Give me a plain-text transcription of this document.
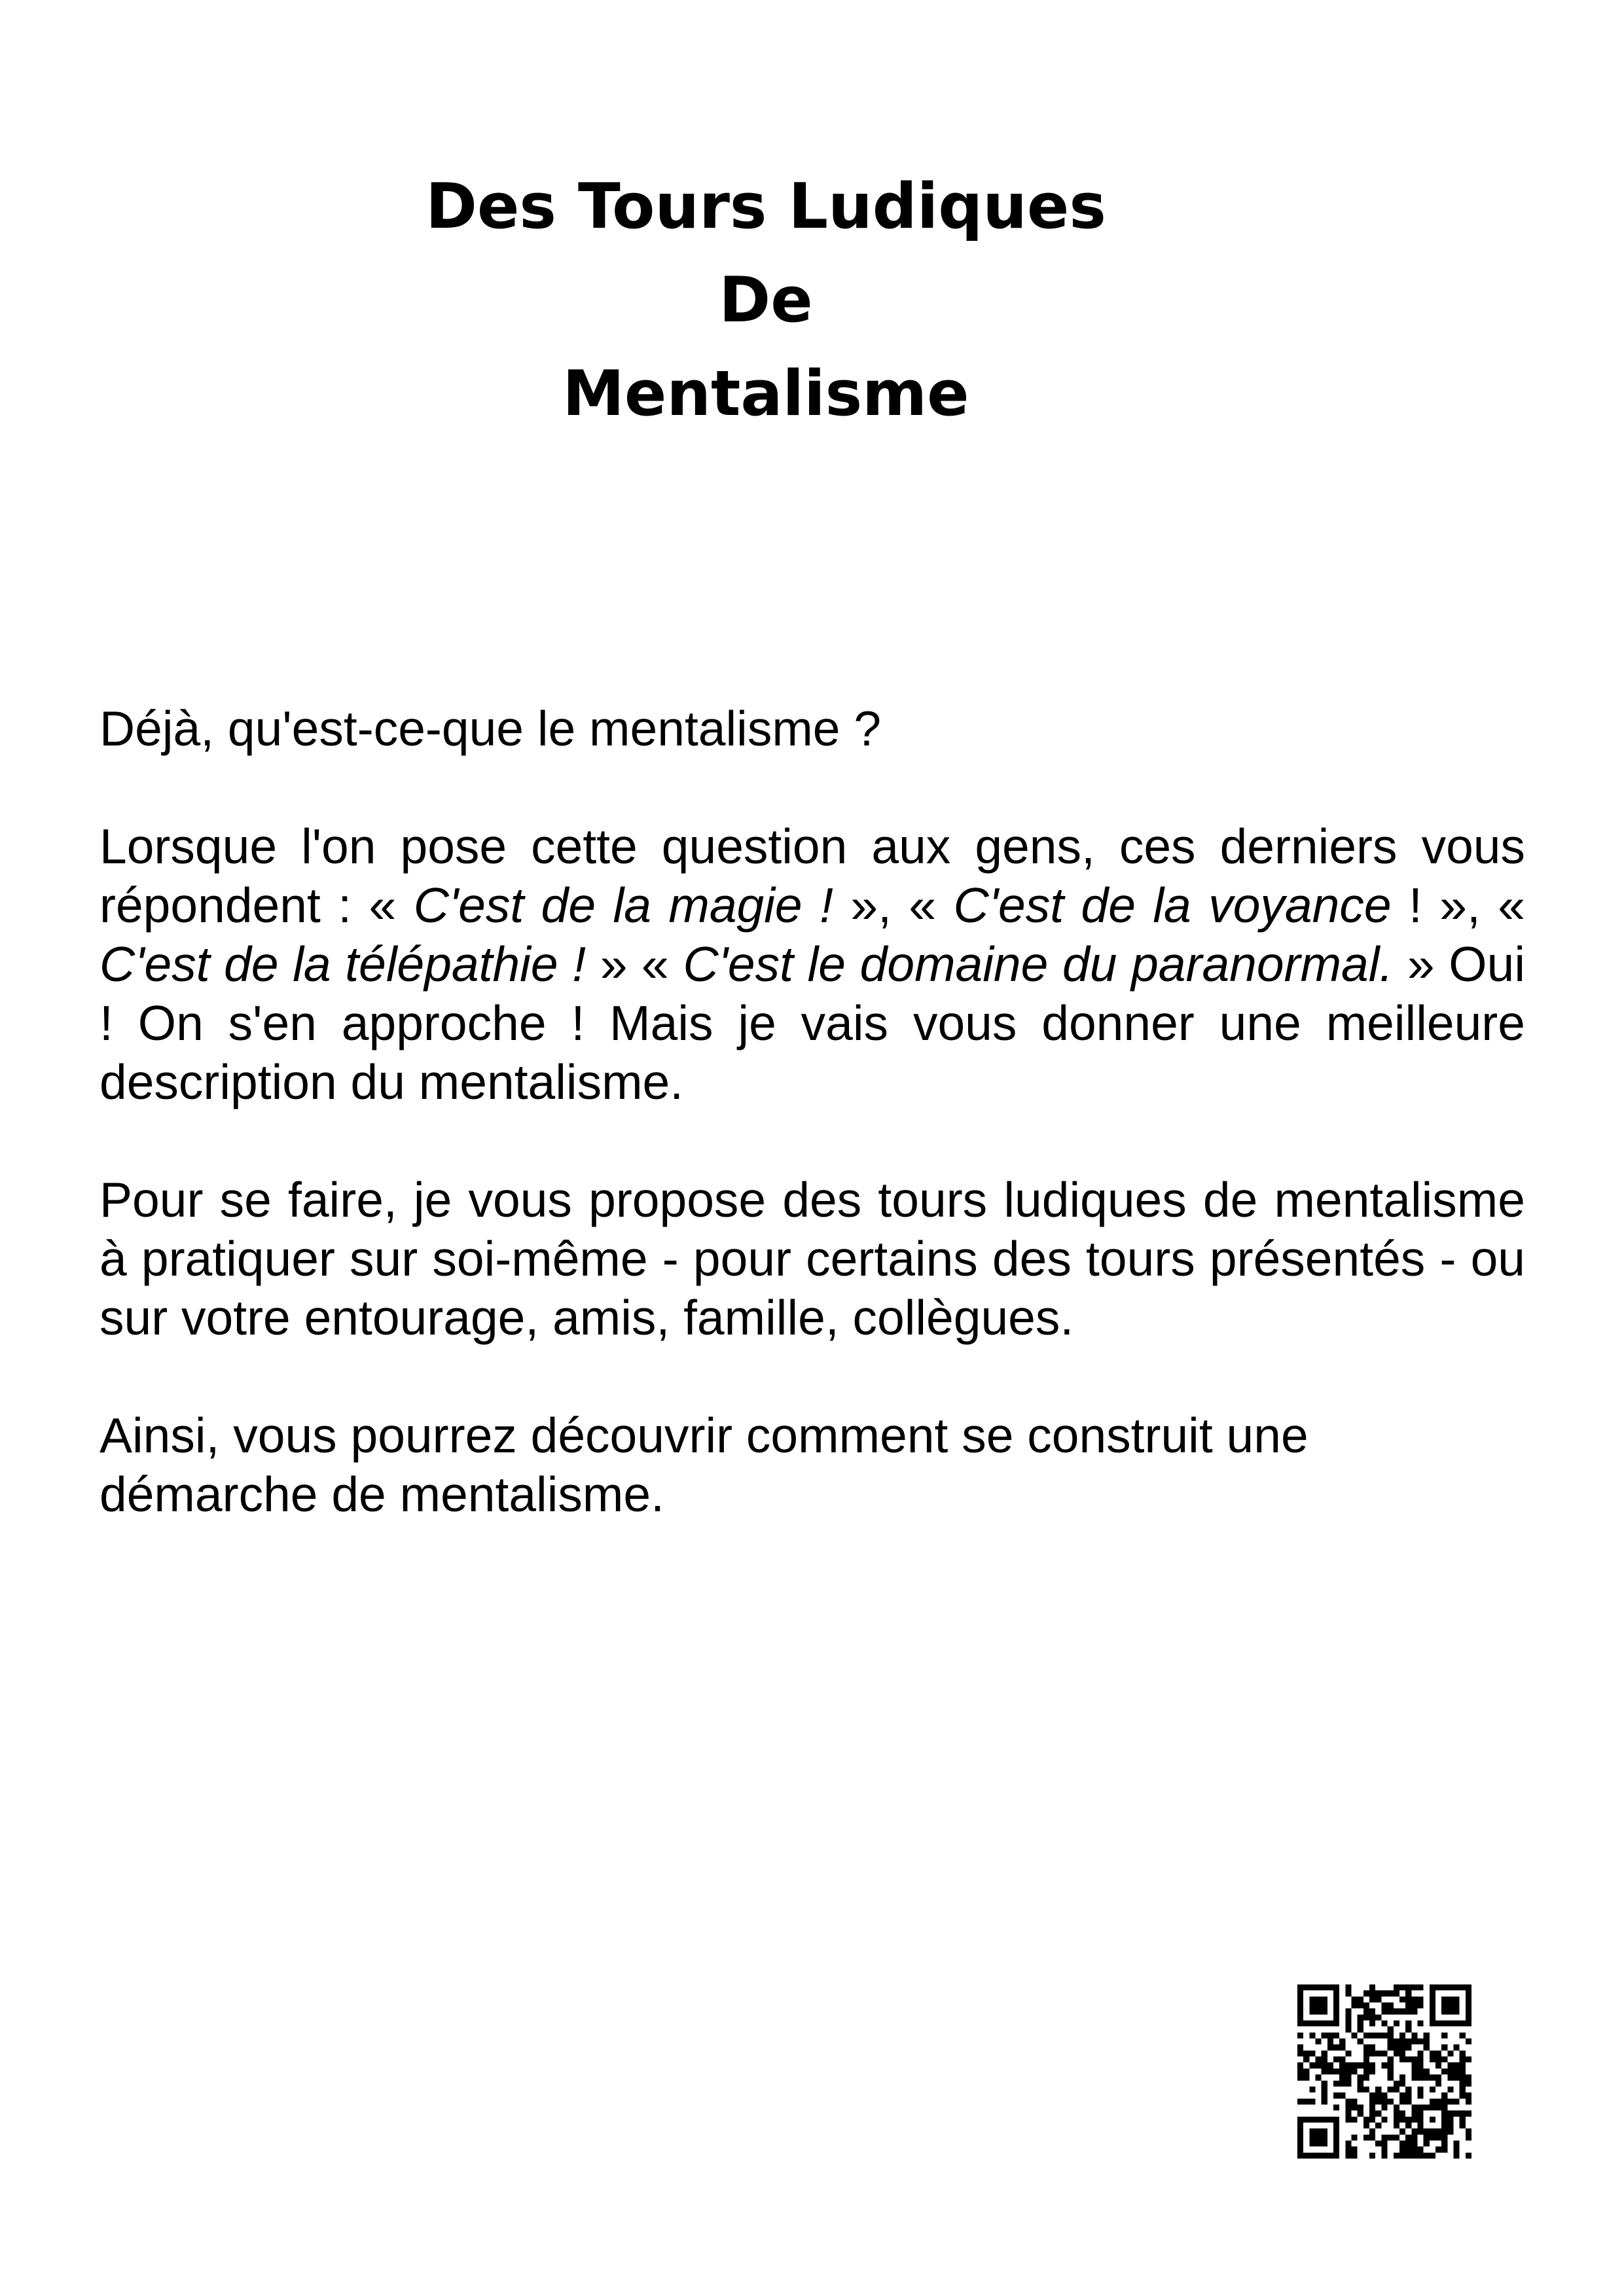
Des Tours Ludiques
De
Mentalisme

Déjà, qu'est-ce-que le mentalisme ?

Lorsque l'on pose cette question aux gens, ces derniers vous répondent : « C'est de la magie ! », « C'est de la voyance ! », « C'est de la télépathie ! » « C'est le domaine du paranormal. » Oui ! On s'en approche ! Mais je vais vous donner une meilleure description du mentalisme.

Pour se faire, je vous propose des tours ludiques de mentalisme à pratiquer sur soi-même - pour certains des tours présentés - ou sur votre entourage, amis, famille, collègues.

Ainsi, vous pourrez découvrir comment se construit une démarche de mentalisme.
